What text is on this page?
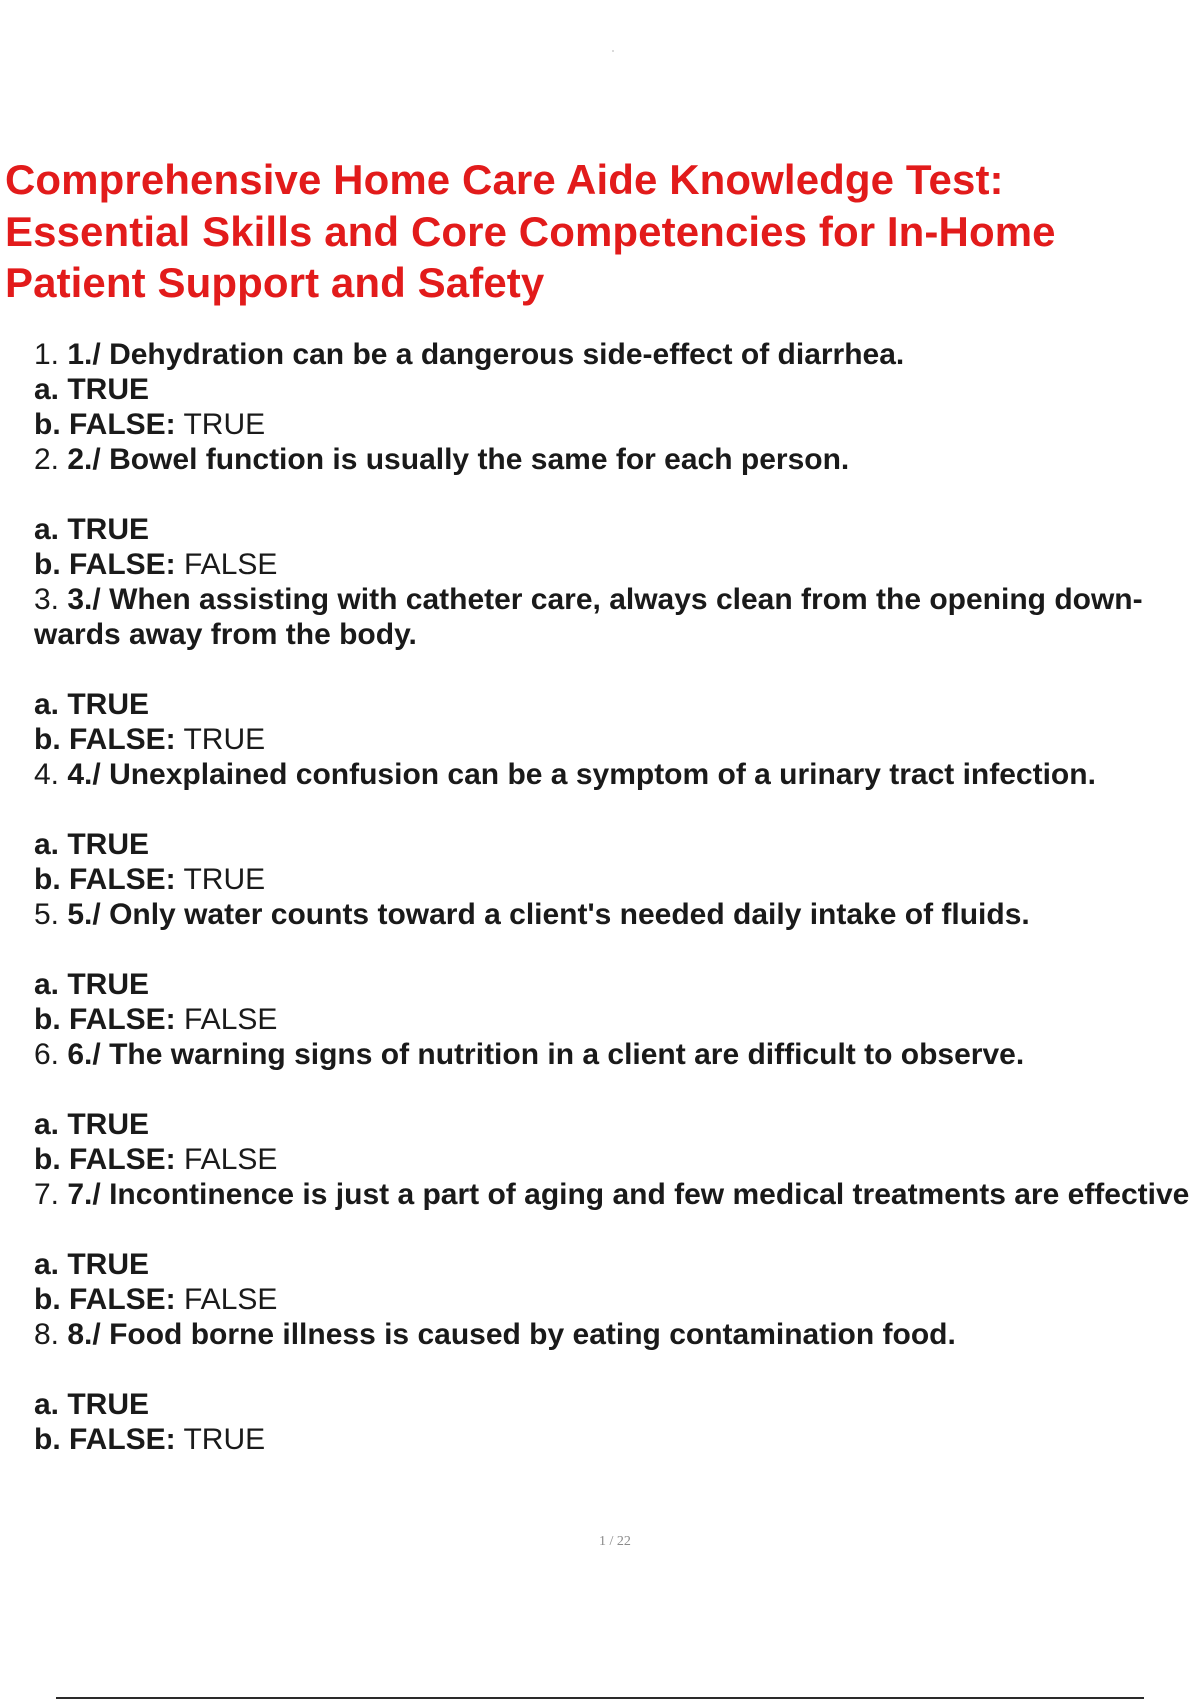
Comprehensive Home Care Aide Knowledge Test: Essential Skills and Core Competencies for In-Home Patient Support and Safety
1. 1./ Dehydration can be a dangerous side-effect of diarrhea.
a. TRUE
b. FALSE: TRUE
2. 2./ Bowel function is usually the same for each person.
a. TRUE
b. FALSE: FALSE
3. 3./ When assisting with catheter care, always clean from the opening down- wards away from the body.
a. TRUE
b. FALSE: TRUE
4. 4./ Unexplained confusion can be a symptom of a urinary tract infection.
a. TRUE
b. FALSE: TRUE
5. 5./ Only water counts toward a client's needed daily intake of fluids.
a. TRUE
b. FALSE: FALSE
6. 6./ The warning signs of nutrition in a client are difficult to observe.
a. TRUE
b. FALSE: FALSE
7. 7./ Incontinence is just a part of aging and few medical treatments are effective
a. TRUE
b. FALSE: FALSE
8. 8./ Food borne illness is caused by eating contamination food.
a. TRUE
b. FALSE: TRUE
1 / 22
